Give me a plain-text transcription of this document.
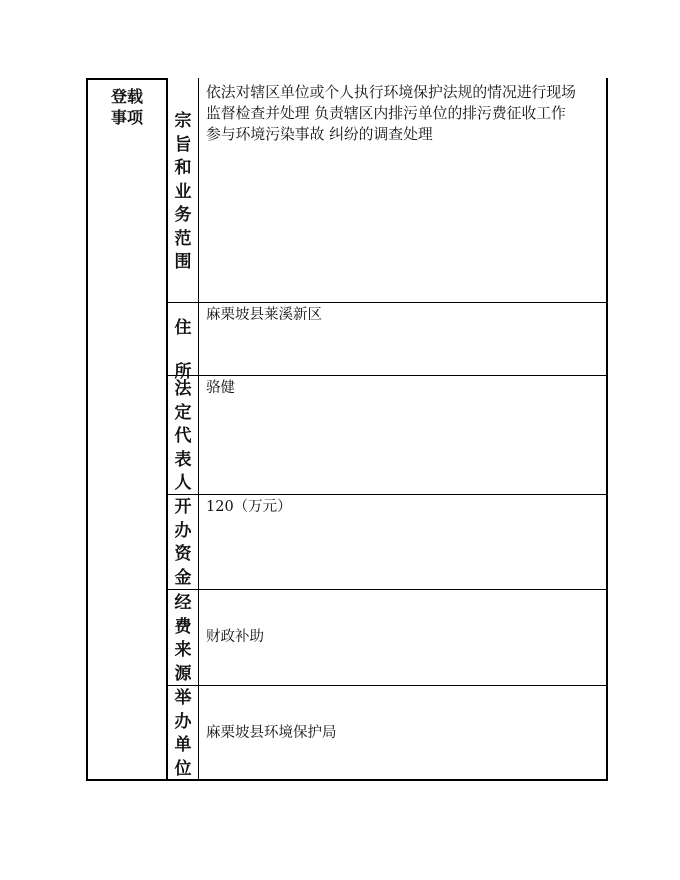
登载
事项	宗
旨
和
业
务
范
围
依法对辖区单位或个人执行环境保护法规的情况进行现场
监督检查并处理 负责辖区内排污单位的排污费征收工作
参与环境污染事故 纠纷的调查处理
住
所
麻栗坡县莱溪新区
法
定
代
表
人
骆健
开
办
资
金
120（万元）
经
费
来
源
财政补助
举
办
单
位
麻栗坡县环境保护局
